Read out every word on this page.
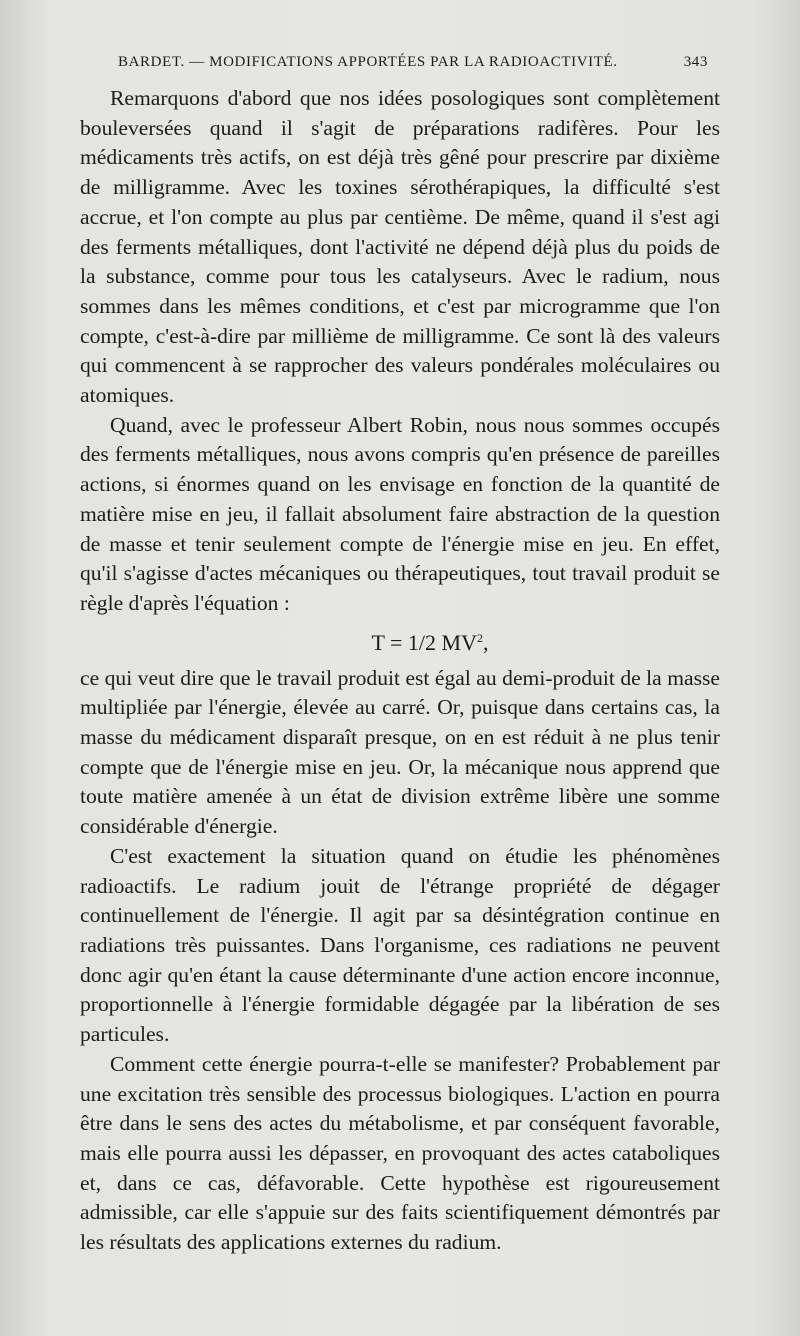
BARDET. — MODIFICATIONS APPORTÉES PAR LA RADIOACTIVITÉ.	343

Remarquons d'abord que nos idées posologiques sont complètement bouleversées quand il s'agit de préparations radifères. Pour les médicaments très actifs, on est déjà très gêné pour prescrire par dixième de milligramme. Avec les toxines sérothérapiques, la difficulté s'est accrue, et l'on compte au plus par centième. De même, quand il s'est agi des ferments métalliques, dont l'activité ne dépend déjà plus du poids de la substance, comme pour tous les catalyseurs. Avec le radium, nous sommes dans les mêmes conditions, et c'est par microgramme que l'on compte, c'est-à-dire par millième de milligramme. Ce sont là des valeurs qui commencent à se rapprocher des valeurs pondérales moléculaires ou atomiques.

Quand, avec le professeur Albert Robin, nous nous sommes occupés des ferments métalliques, nous avons compris qu'en présence de pareilles actions, si énormes quand on les envisage en fonction de la quantité de matière mise en jeu, il fallait absolument faire abstraction de la question de masse et tenir seulement compte de l'énergie mise en jeu. En effet, qu'il s'agisse d'actes mécaniques ou thérapeutiques, tout travail produit se règle d'après l'équation :

T = 1/2 $MV^2$,

ce qui veut dire que le travail produit est égal au demi-produit de la masse multipliée par l'énergie, élevée au carré. Or, puisque dans certains cas, la masse du médicament disparaît presque, on en est réduit à ne plus tenir compte que de l'énergie mise en jeu. Or, la mécanique nous apprend que toute matière amenée à un état de division extrême libère une somme considérable d'énergie.

C'est exactement la situation quand on étudie les phénomènes radioactifs. Le radium jouit de l'étrange propriété de dégager continuellement de l'énergie. Il agit par sa désintégration continue en radiations très puissantes. Dans l'organisme, ces radiations ne peuvent donc agir qu'en étant la cause déterminante d'une action encore inconnue, proportionnelle à l'énergie formidable dégagée par la libération de ses particules.

Comment cette énergie pourra-t-elle se manifester? Probablement par une excitation très sensible des processus biologiques. L'action en pourra être dans le sens des actes du métabolisme, et par conséquent favorable, mais elle pourra aussi les dépasser, en provoquant des actes cataboliques et, dans ce cas, défavorable. Cette hypothèse est rigoureusement admissible, car elle s'appuie sur des faits scientifiquement démontrés par les résultats des applications externes du radium.
